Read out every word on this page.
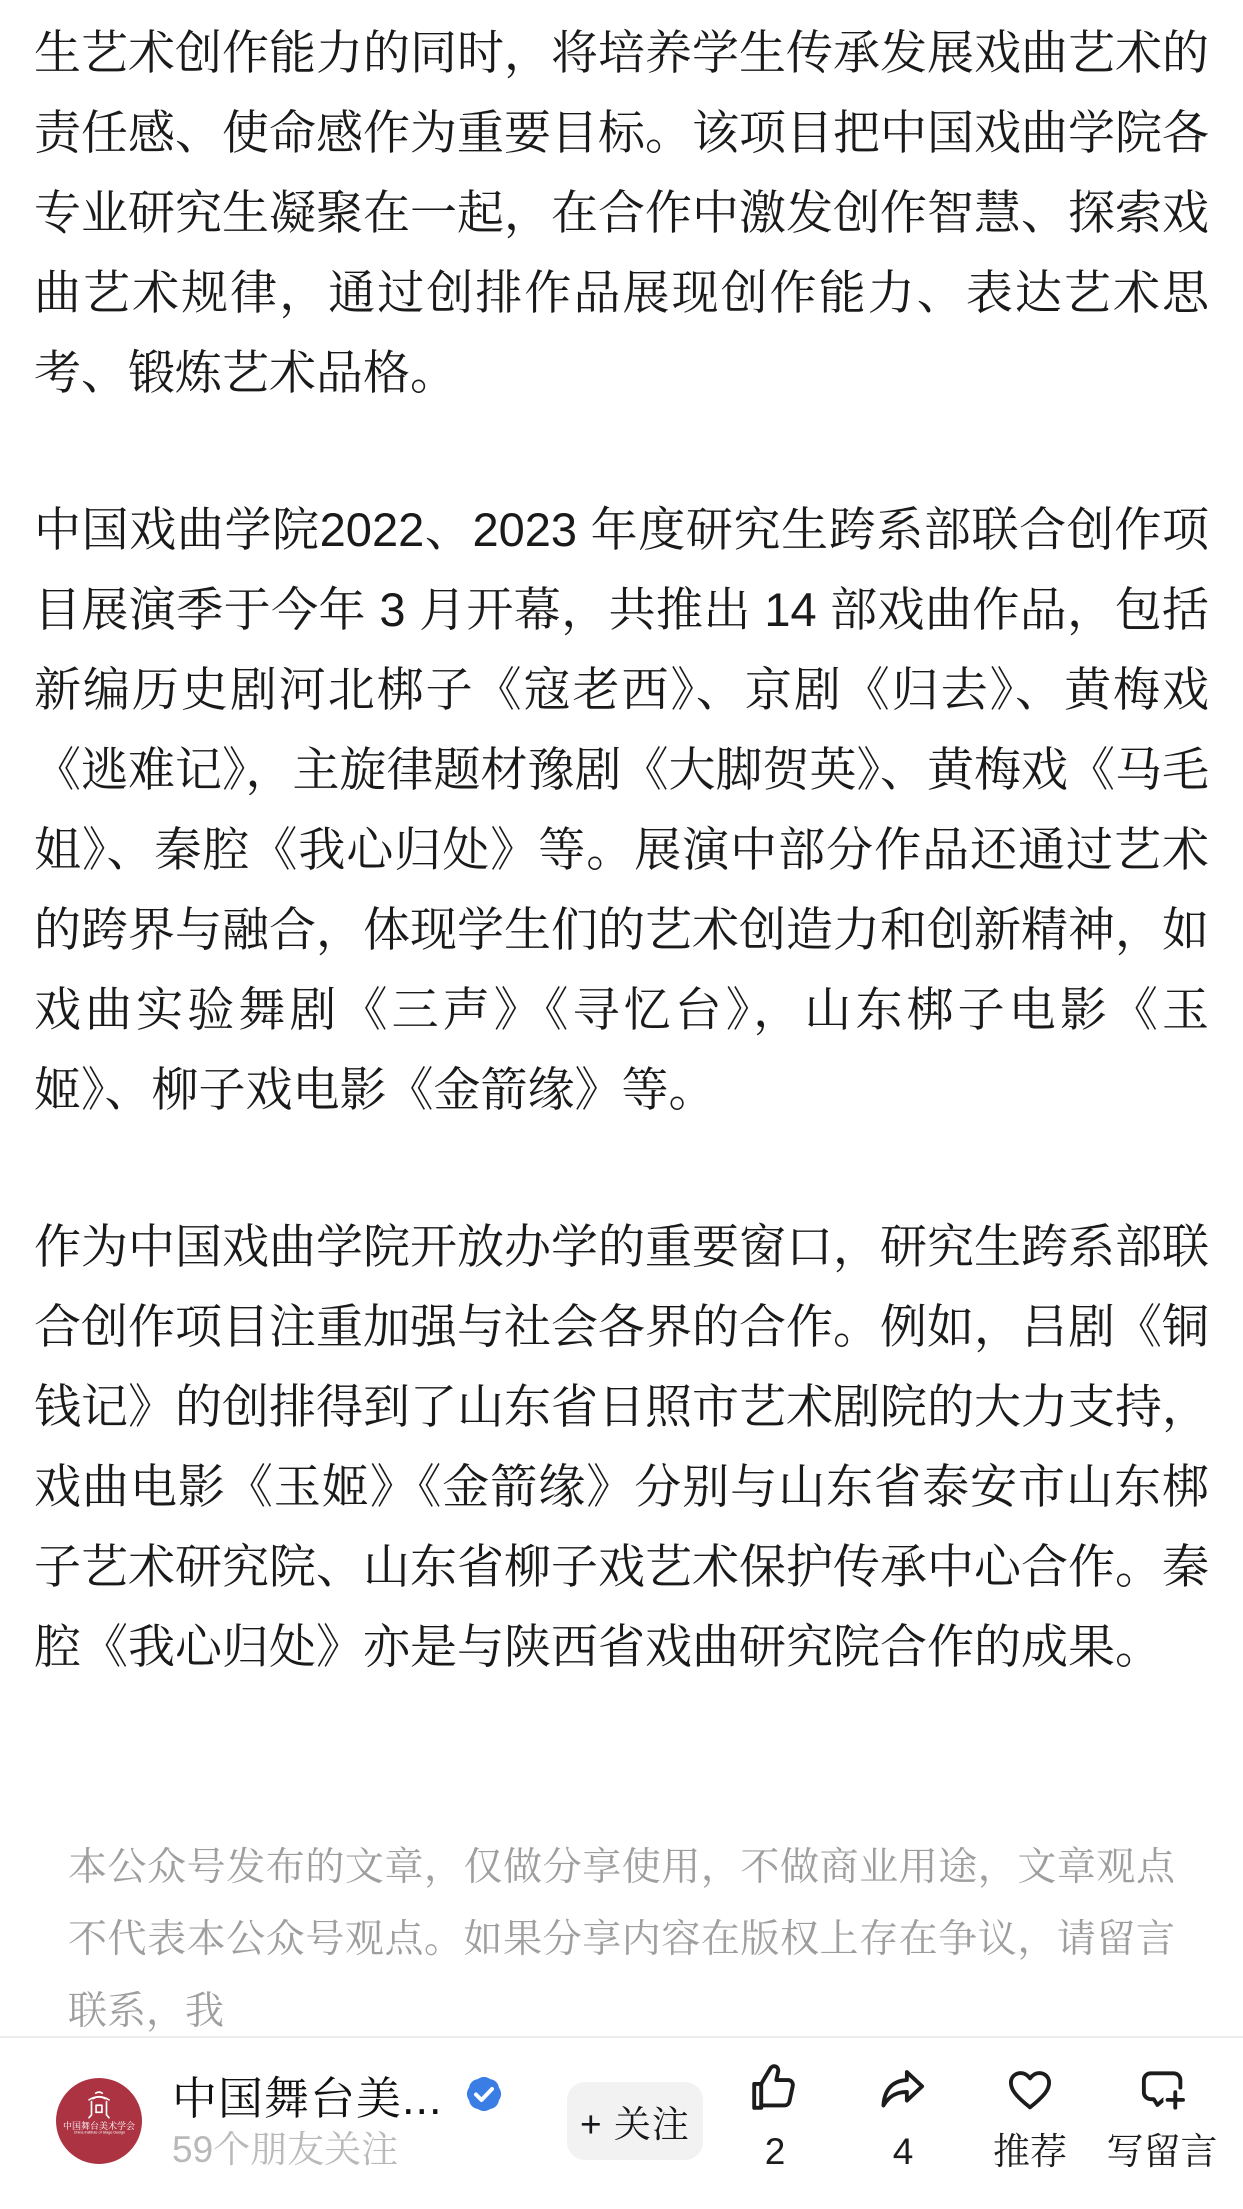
生艺术创作能力的同时，将培养学生传承发展戏曲艺术的责任感、使命感作为重要目标。该项目把中国戏曲学院各专业研究生凝聚在一起，在合作中激发创作智慧、探索戏曲艺术规律，通过创排作品展现创作能力、表达艺术思考、锻炼艺术品格。

中国戏曲学院2022、2023 年度研究生跨系部联合创作项目展演季于今年 3 月开幕，共推出 14 部戏曲作品，包括新编历史剧河北梆子《寇老西》、京剧《归去》、黄梅戏《逃难记》，主旋律题材豫剧《大脚贺英》、黄梅戏《马毛姐》、秦腔《我心归处》等。展演中部分作品还通过艺术的跨界与融合，体现学生们的艺术创造力和创新精神，如戏曲实验舞剧《三声》《寻忆台》，山东梆子电影《玉姬》、柳子戏电影《金箭缘》等。

作为中国戏曲学院开放办学的重要窗口，研究生跨系部联合创作项目注重加强与社会各界的合作。例如，吕剧《铜钱记》的创排得到了山东省日照市艺术剧院的大力支持，戏曲电影《玉姬》《金箭缘》分别与山东省泰安市山东梆子艺术研究院、山东省柳子戏艺术保护传承中心合作。秦腔《我心归处》亦是与陕西省戏曲研究院合作的成果。

本公众号发布的文章，仅做分享使用，不做商业用途，文章观点不代表本公众号观点。如果分享内容在版权上存在争议，请留言联系，我
中国舞台美术学会
China Institute of Stage Design
中国舞台美...
59个朋友关注
+ 关注
2	4 推荐 写留言
